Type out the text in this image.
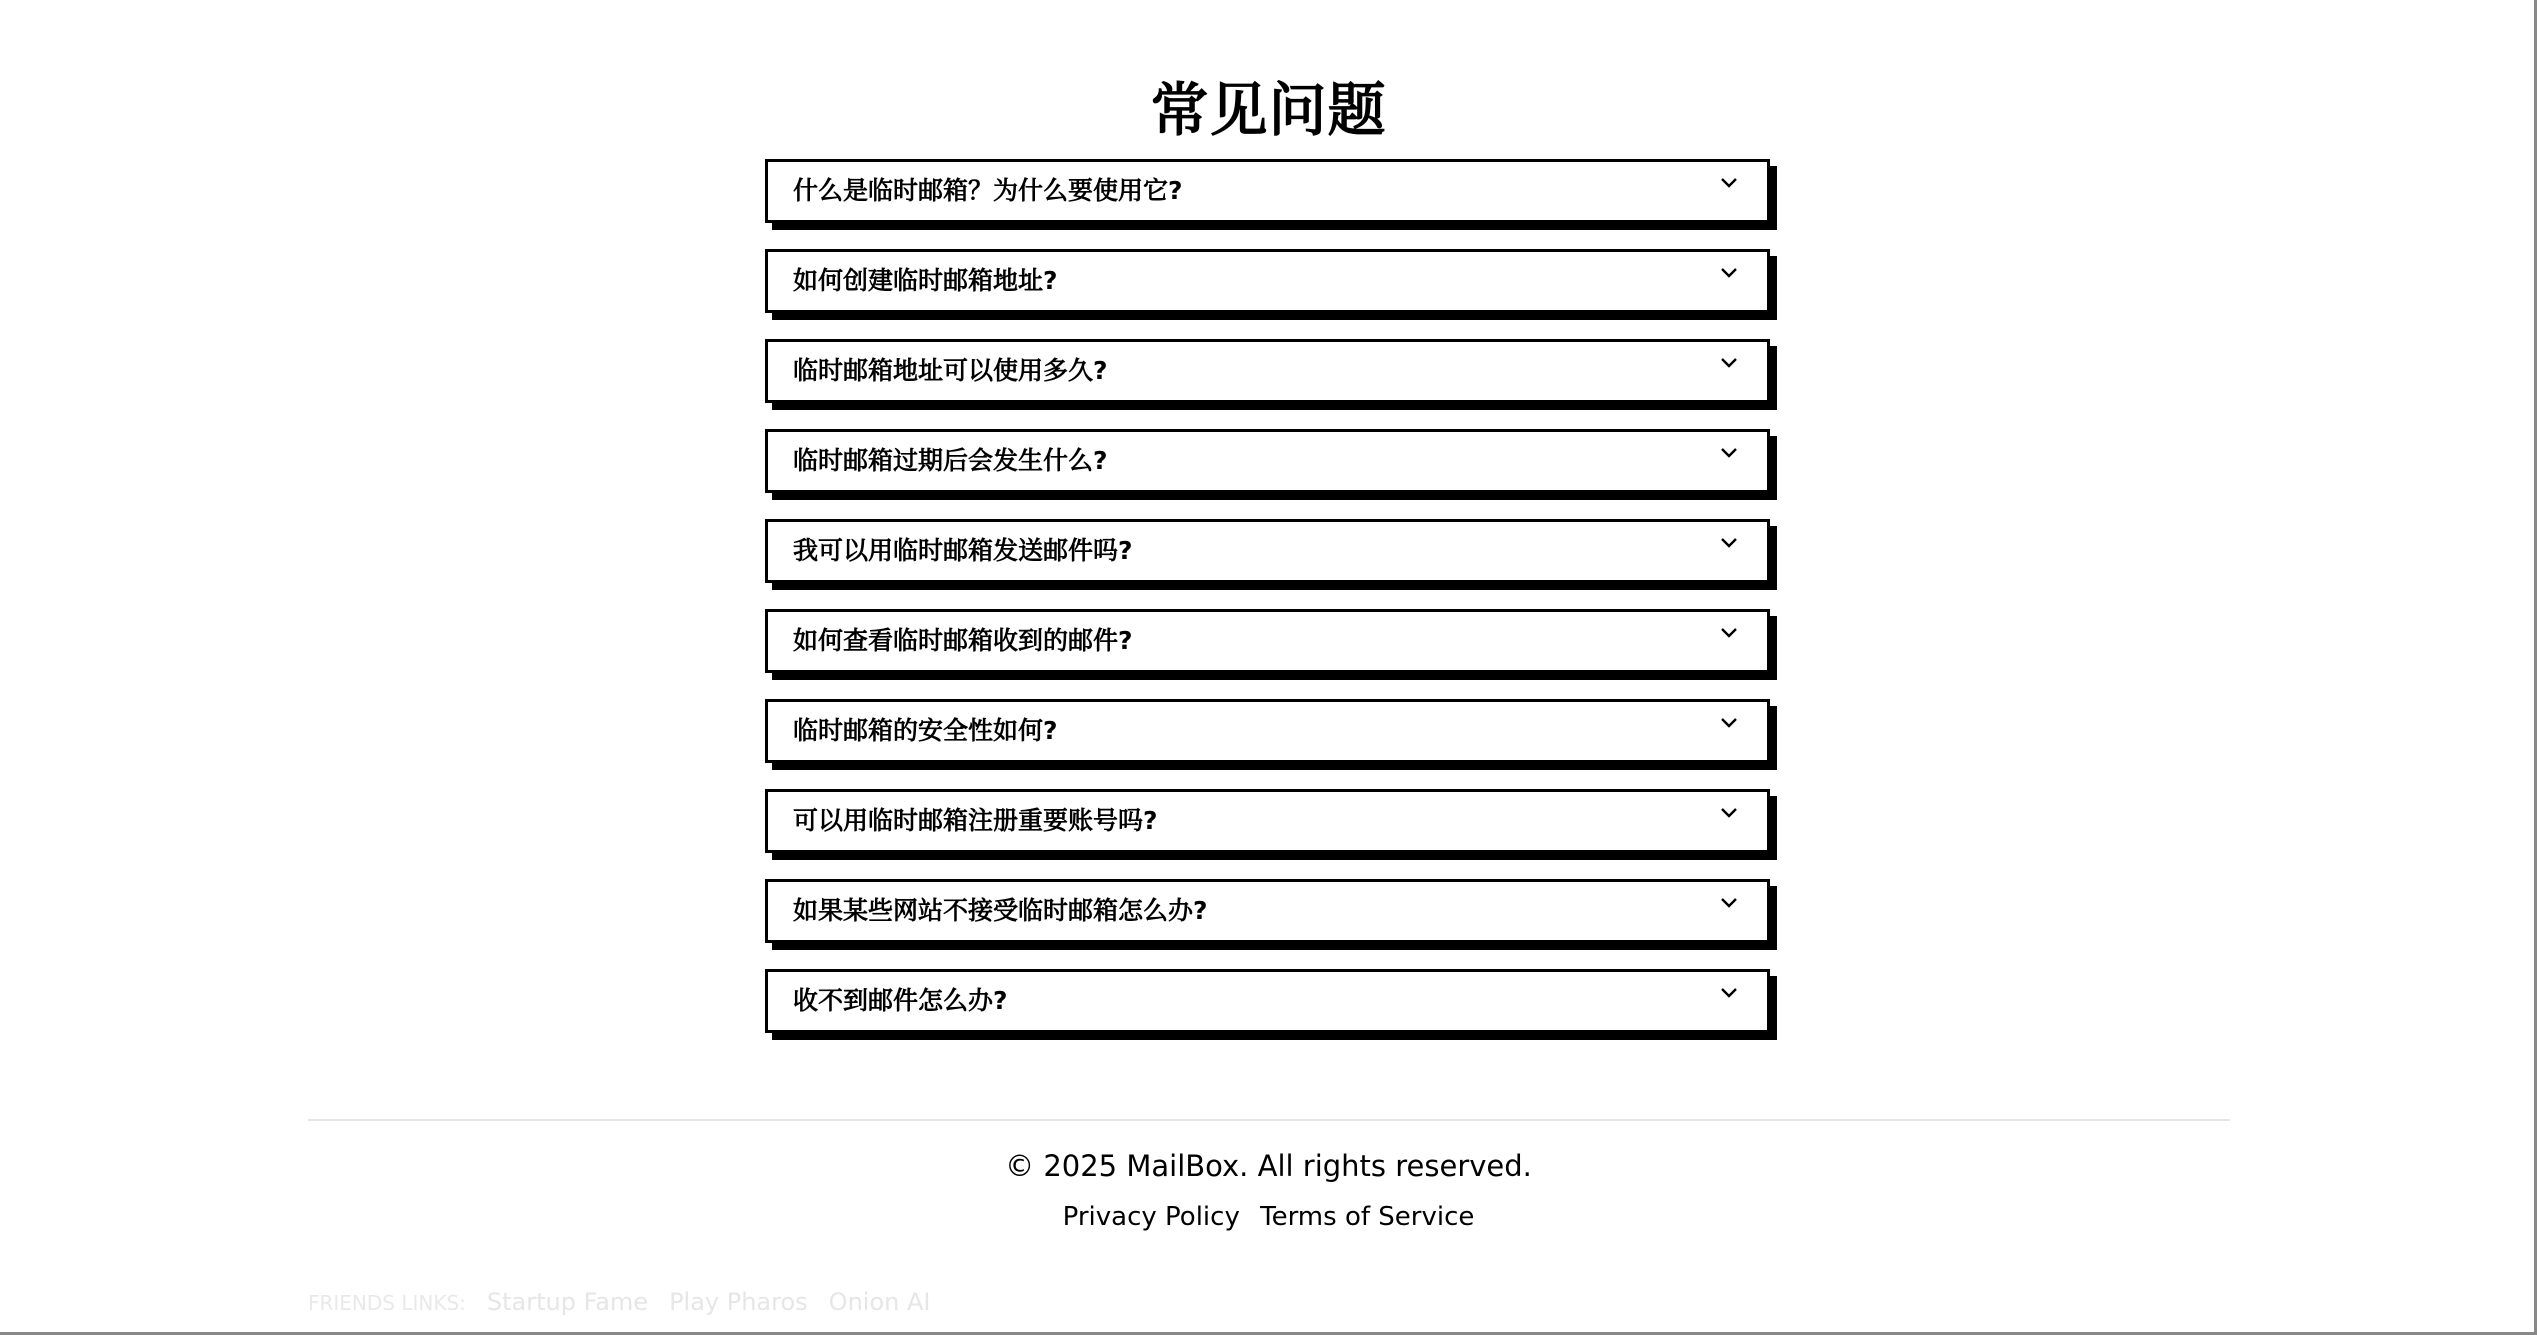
常见问题
什么是临时邮箱？为什么要使用它?
如何创建临时邮箱地址?
临时邮箱地址可以使用多久?
临时邮箱过期后会发生什么?
我可以用临时邮箱发送邮件吗?
如何查看临时邮箱收到的邮件?
临时邮箱的安全性如何?
可以用临时邮箱注册重要账号吗?
如果某些网站不接受临时邮箱怎么办?
收不到邮件怎么办?
© 2025 MailBox. All rights reserved.
Privacy Policy Terms of Service
FRIENDS LINKS: Startup Fame Play Pharos Onion AI
